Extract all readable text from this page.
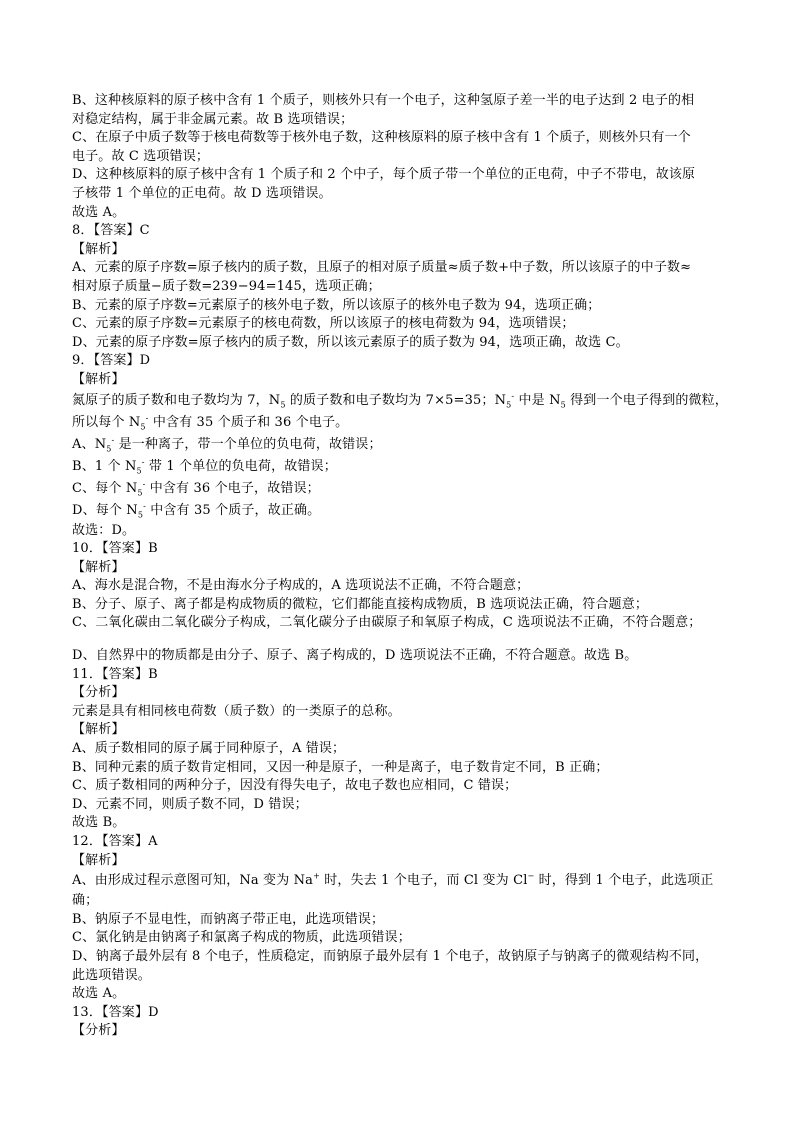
B、这种核原料的原子核中含有 1 个质子，则核外只有一个电子，这种氢原子差一半的电子达到 2 电子的相
对稳定结构，属于非金属元素。故 B 选项错误；
C、在原子中质子数等于核电荷数等于核外电子数，这种核原料的原子核中含有 1 个质子，则核外只有一个
电子。故 C 选项错误；
D、这种核原料的原子核中含有 1 个质子和 2 个中子，每个质子带一个单位的正电荷，中子不带电，故该原
子核带 1 个单位的正电荷。故 D 选项错误。
故选 A。
8．【答案】C
【解析】
A、元素的原子序数=原子核内的质子数，且原子的相对原子质量≈质子数+中子数，所以该原子的中子数≈
相对原子质量−质子数=239−94=145，选项正确；
B、元素的原子序数=元素原子的核外电子数，所以该原子的核外电子数为 94，选项正确；
C、元素的原子序数=元素原子的核电荷数，所以该原子的核电荷数为 94，选项错误；
D、元素的原子序数=原子核内的质子数，所以该元素原子的质子数为 94，选项正确，故选 C。
9．【答案】D
【解析】
氮原子的质子数和电子数均为 7，$N_5$ 的质子数和电子数均为 7×5=35；$N_5^-$ 中是 $N_5$ 得到一个电子得到的微粒，
所以每个 $N_5^-$ 中含有 35 个质子和 36 个电子。
A、$N_5^-$ 是一种离子，带一个单位的负电荷，故错误；
B、1 个 $N_5^-$ 带 1 个单位的负电荷，故错误；
C、每个 $N_5^-$ 中含有 36 个电子，故错误；
D、每个 $N_5^-$ 中含有 35 个质子，故正确。
故选：D。
10．【答案】B
【解析】
A、海水是混合物，不是由海水分子构成的，A 选项说法不正确，不符合题意；
B、分子、原子、离子都是构成物质的微粒，它们都能直接构成物质，B 选项说法正确，符合题意；
C、二氧化碳由二氧化碳分子构成，二氧化碳分子由碳原子和氧原子构成，C 选项说法不正确，不符合题意；
D、自然界中的物质都是由分子、原子、离子构成的，D 选项说法不正确，不符合题意。故选 B。
11．【答案】B
【分析】
元素是具有相同核电荷数（质子数）的一类原子的总称。
【解析】
A、质子数相同的原子属于同种原子，A 错误；
B、同种元素的质子数肯定相同，又因一种是原子，一种是离子，电子数肯定不同，B 正确；
C、质子数相同的两种分子，因没有得失电子，故电子数也应相同，C 错误；
D、元素不同，则质子数不同，D 错误；
故选 B。
12．【答案】A
【解析】
A、由形成过程示意图可知，Na 变为 Na+ 时，失去 1 个电子，而 Cl 变为 Cl− 时，得到 1 个电子，此选项正
确；
B、钠原子不显电性，而钠离子带正电，此选项错误；
C、氯化钠是由钠离子和氯离子构成的物质，此选项错误；
D、钠离子最外层有 8 个电子，性质稳定，而钠原子最外层有 1 个电子，故钠原子与钠离子的微观结构不同，
此选项错误。
故选 A。
13．【答案】D
【分析】
